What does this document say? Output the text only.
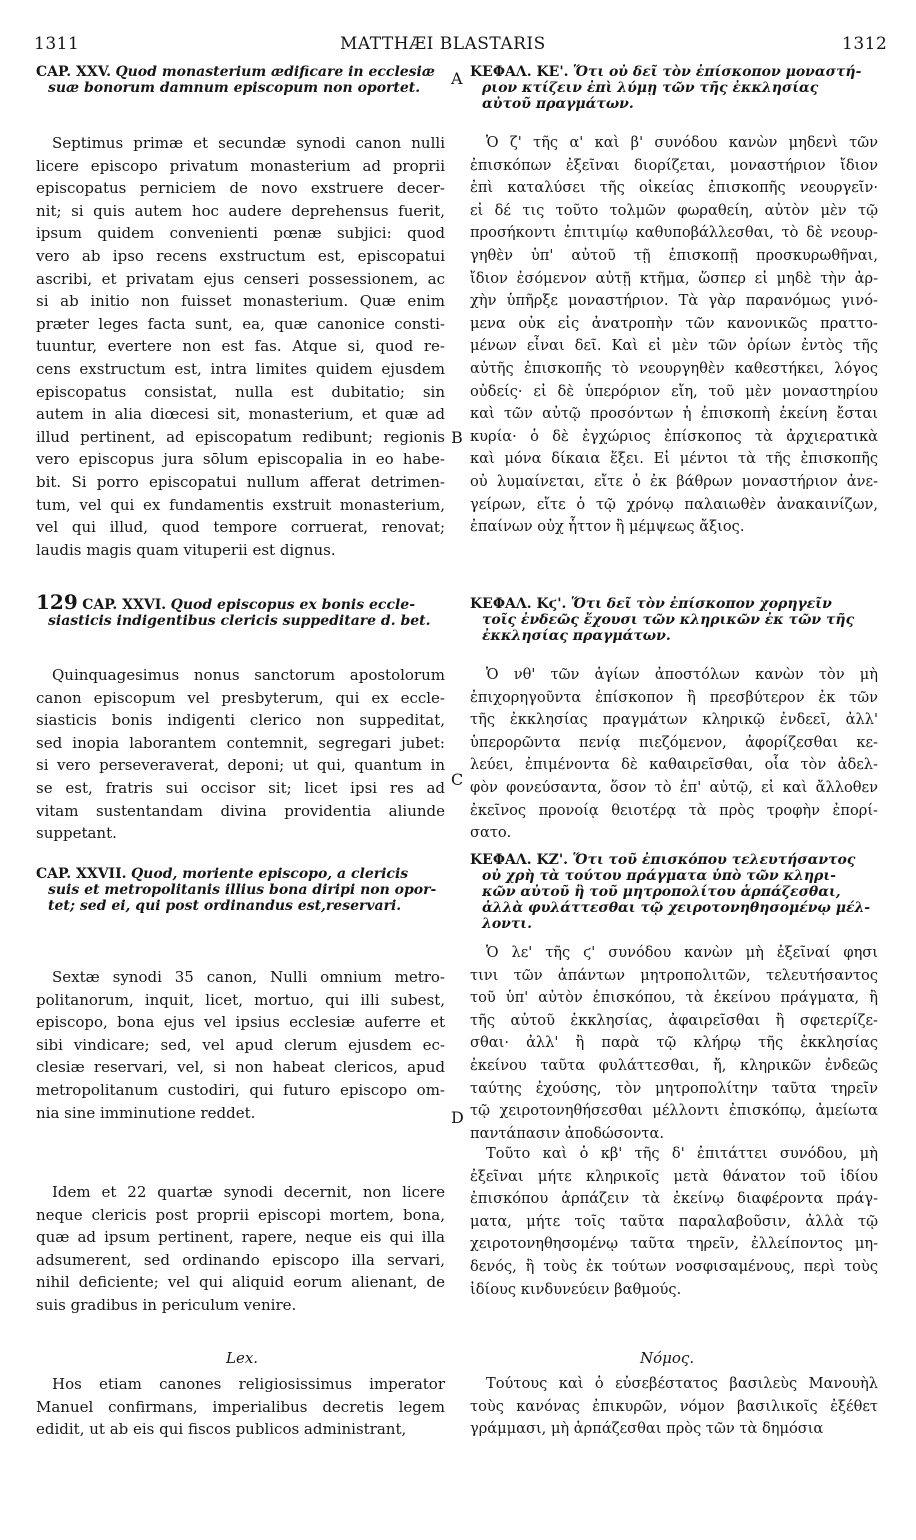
1311	MATTHÆI BLASTARIS	1312
A
B
C
D

CAP. XXV. Quod monasterium ædificare in ecclesiæ
suæ bonorum damnum episcopum non oportet.

Septimus primæ et secundæ synodi canon nulli
licere episcopo privatum monasterium ad proprii
episcopatus perniciem de novo exstruere decer-
nit; si quis autem hoc audere deprehensus fuerit,
ipsum quidem convenienti pœnæ subjici: quod
vero ab ipso recens exstructum est, episcopatui
ascribi, et privatam ejus censeri possessionem, ac
si ab initio non fuisset monasterium. Quæ enim
præter leges facta sunt, ea, quæ canonice consti-
tuuntur, evertere non est fas. Atque si, quod re-
cens exstructum est, intra limites quidem ejusdem
episcopatus consistat, nulla est dubitatio; sin
autem in alia diœcesi sit, monasterium, et quæ ad
illud pertinent, ad episcopatum redibunt; regionis
vero episcopus jura sōlum episcopalia in eo habe-
bit. Si porro episcopatui nullum afferat detrimen-
tum, vel qui ex fundamentis exstruit monasterium,
vel qui illud, quod tempore corruerat, renovat;
laudis magis quam vituperii est dignus.

129 CAP. XXVI. Quod episcopus ex bonis eccle-
siasticis indigentibus clericis suppeditare d. bet.

Quinquagesimus nonus sanctorum apostolorum
canon episcopum vel presbyterum, qui ex eccle-
siasticis bonis indigenti clerico non suppeditat,
sed inopia laborantem contemnit, segregari jubet:
si vero perseveraverat, deponi; ut qui, quantum in
se est, fratris sui occisor sit; licet ipsi res ad
vitam sustentandam divina providentia aliunde
suppetant.

CAP. XXVII. Quod, moriente episcopo, a clericis
suis et metropolitanis illius bona diripi non opor-
tet; sed ei, qui post ordinandus est,reservari.

Sextæ synodi 35 canon, Nulli omnium metro-
politanorum, inquit, licet, mortuo, qui illi subest,
episcopo, bona ejus vel ipsius ecclesiæ auferre et
sibi vindicare; sed, vel apud clerum ejusdem ec-
clesiæ reservari, vel, si non habeat clericos, apud
metropolitanum custodiri, qui futuro episcopo om-
nia sine imminutione reddet.
Idem et 22 quartæ synodi decernit, non licere
neque clericis post proprii episcopi mortem, bona,
quæ ad ipsum pertinent, rapere, neque eis qui illa
adsumerent, sed ordinando episcopo illa servari,
nihil deficiente; vel qui aliquid eorum alienant, de
suis gradibus in periculum venire.
Lex.
Hos etiam canones religiosissimus imperator
Manuel confirmans, imperialibus decretis legem
edidit, ut ab eis qui fiscos publicos administrant,

ΚΕΦΑΛ. ΚΕ'. Ὅτι οὐ δεῖ τὸν ἐπίσκοπον μοναστή-
ριον κτίζειν ἐπὶ λύμῃ τῶν τῆς ἐκκλησίας
αὐτοῦ πραγμάτων.

Ὁ ζ' τῆς α' καὶ β' συνόδου κανὼν μηδενὶ τῶν
ἐπισκόπων ἐξεῖναι διορίζεται, μοναστήριον ἴδιον
ἐπὶ καταλύσει τῆς οἰκείας ἐπισκοπῆς νεουργεῖν·
εἰ δέ τις τοῦτο τολμῶν φωραθείη, αὐτὸν μὲν τῷ
προσήκοντι ἐπιτιμίῳ καθυποβάλλεσθαι, τὸ δὲ νεουρ-
γηθὲν ὑπ' αὐτοῦ τῇ ἐπισκοπῇ προσκυρωθῆναι,
ἴδιον ἐσόμενον αὐτῇ κτῆμα, ὥσπερ εἰ μηδὲ τὴν ἀρ-
χὴν ὑπῆρξε μοναστήριον. Τὰ γὰρ παρανόμως γινό-
μενα οὐκ εἰς ἀνατροπὴν τῶν κανονικῶς πραττο-
μένων εἶναι δεῖ. Καὶ εἰ μὲν τῶν ὁρίων ἐντὸς τῆς
αὐτῆς ἐπισκοπῆς τὸ νεουργηθὲν καθεστήκει, λόγος
οὐδείς· εἰ δὲ ὑπερόριον εἴη, τοῦ μὲν μοναστηρίου
καὶ τῶν αὐτῷ προσόντων ἡ ἐπισκοπὴ ἐκείνη ἔσται
κυρία· ὁ δὲ ἐγχώριος ἐπίσκοπος τὰ ἀρχιερατικὰ
καὶ μόνα δίκαια ἕξει. Εἰ μέντοι τὰ τῆς ἐπισκοπῆς
οὐ λυμαίνεται, εἴτε ὁ ἐκ βάθρων μοναστήριον ἀνε-
γείρων, εἴτε ὁ τῷ χρόνῳ παλαιωθὲν ἀνακαινίζων,
ἐπαίνων οὐχ ἧττον ἢ μέμψεως ἄξιος.

ΚΕΦΑΛ. Κϛ'. Ὅτι δεῖ τὸν ἐπίσκοπον χορηγεῖν
τοῖς ἐνδεῶς ἔχουσι τῶν κληρικῶν ἐκ τῶν τῆς
ἐκκλησίας πραγμάτων.

Ὁ νθ' τῶν ἁγίων ἀποστόλων κανὼν τὸν μὴ
ἐπιχορηγοῦντα ἐπίσκοπον ἢ πρεσβύτερον ἐκ τῶν
τῆς ἐκκλησίας πραγμάτων κληρικῷ ἐνδεεῖ, ἀλλ'
ὑπερορῶντα πενίᾳ πιεζόμενον, ἀφορίζεσθαι κε-
λεύει, ἐπιμένοντα δὲ καθαιρεῖσθαι, οἷα τὸν ἀδελ-
φὸν φονεύσαντα, ὅσον τὸ ἐπ' αὐτῷ, εἰ καὶ ἄλλοθεν
ἐκεῖνος προνοίᾳ θειοτέρᾳ τὰ πρὸς τροφὴν ἐπορί-
σατο.

ΚΕΦΑΛ. ΚΖ'. Ὅτι τοῦ ἐπισκόπου τελευτήσαντος
οὐ χρὴ τὰ τούτου πράγματα ὑπὸ τῶν κληρι-
κῶν αὐτοῦ ἢ τοῦ μητροπολίτου ἁρπάζεσθαι,
ἀλλὰ φυλάττεσθαι τῷ χειροτονηθησομένῳ μέλ-
λοντι.

Ὁ λε' τῆς ϛ' συνόδου κανὼν μὴ ἐξεῖναί φησι
τινι τῶν ἁπάντων μητροπολιτῶν, τελευτήσαντος
τοῦ ὑπ' αὐτὸν ἐπισκόπου, τὰ ἐκείνου πράγματα, ἢ
τῆς αὐτοῦ ἐκκλησίας, ἀφαιρεῖσθαι ἢ σφετερίζε-
σθαι· ἀλλ' ἢ παρὰ τῷ κλήρῳ τῆς ἐκκλησίας
ἐκείνου ταῦτα φυλάττεσθαι, ἤ, κληρικῶν ἐνδεῶς
ταύτης ἐχούσης, τὸν μητροπολίτην ταῦτα τηρεῖν
τῷ χειροτονηθήσεσθαι μέλλοντι ἐπισκόπῳ, ἀμείωτα
παντάπασιν ἀποδώσοντα.
Τοῦτο καὶ ὁ κβ' τῆς δ' ἐπιτάττει συνόδου, μὴ
ἐξεῖναι μήτε κληρικοῖς μετὰ θάνατον τοῦ ἰδίου
ἐπισκόπου ἁρπάζειν τὰ ἐκείνῳ διαφέροντα πράγ-
ματα, μήτε τοῖς ταῦτα παραλαβοῦσιν, ἀλλὰ τῷ
χειροτονηθησομένῳ ταῦτα τηρεῖν, ἐλλείποντος μη-
δενός, ἢ τοὺς ἐκ τούτων νοσφισαμένους, περὶ τοὺς
ἰδίους κινδυνεύειν βαθμούς.
Νόμος.
Τούτους καὶ ὁ εὐσεβέστατος βασιλεὺς Μανουὴλ
τοὺς κανόνας ἐπικυρῶν, νόμον βασιλικοῖς ἐξέθετ
γράμμασι, μὴ ἁρπάζεσθαι πρὸς τῶν τὰ δημόσια
